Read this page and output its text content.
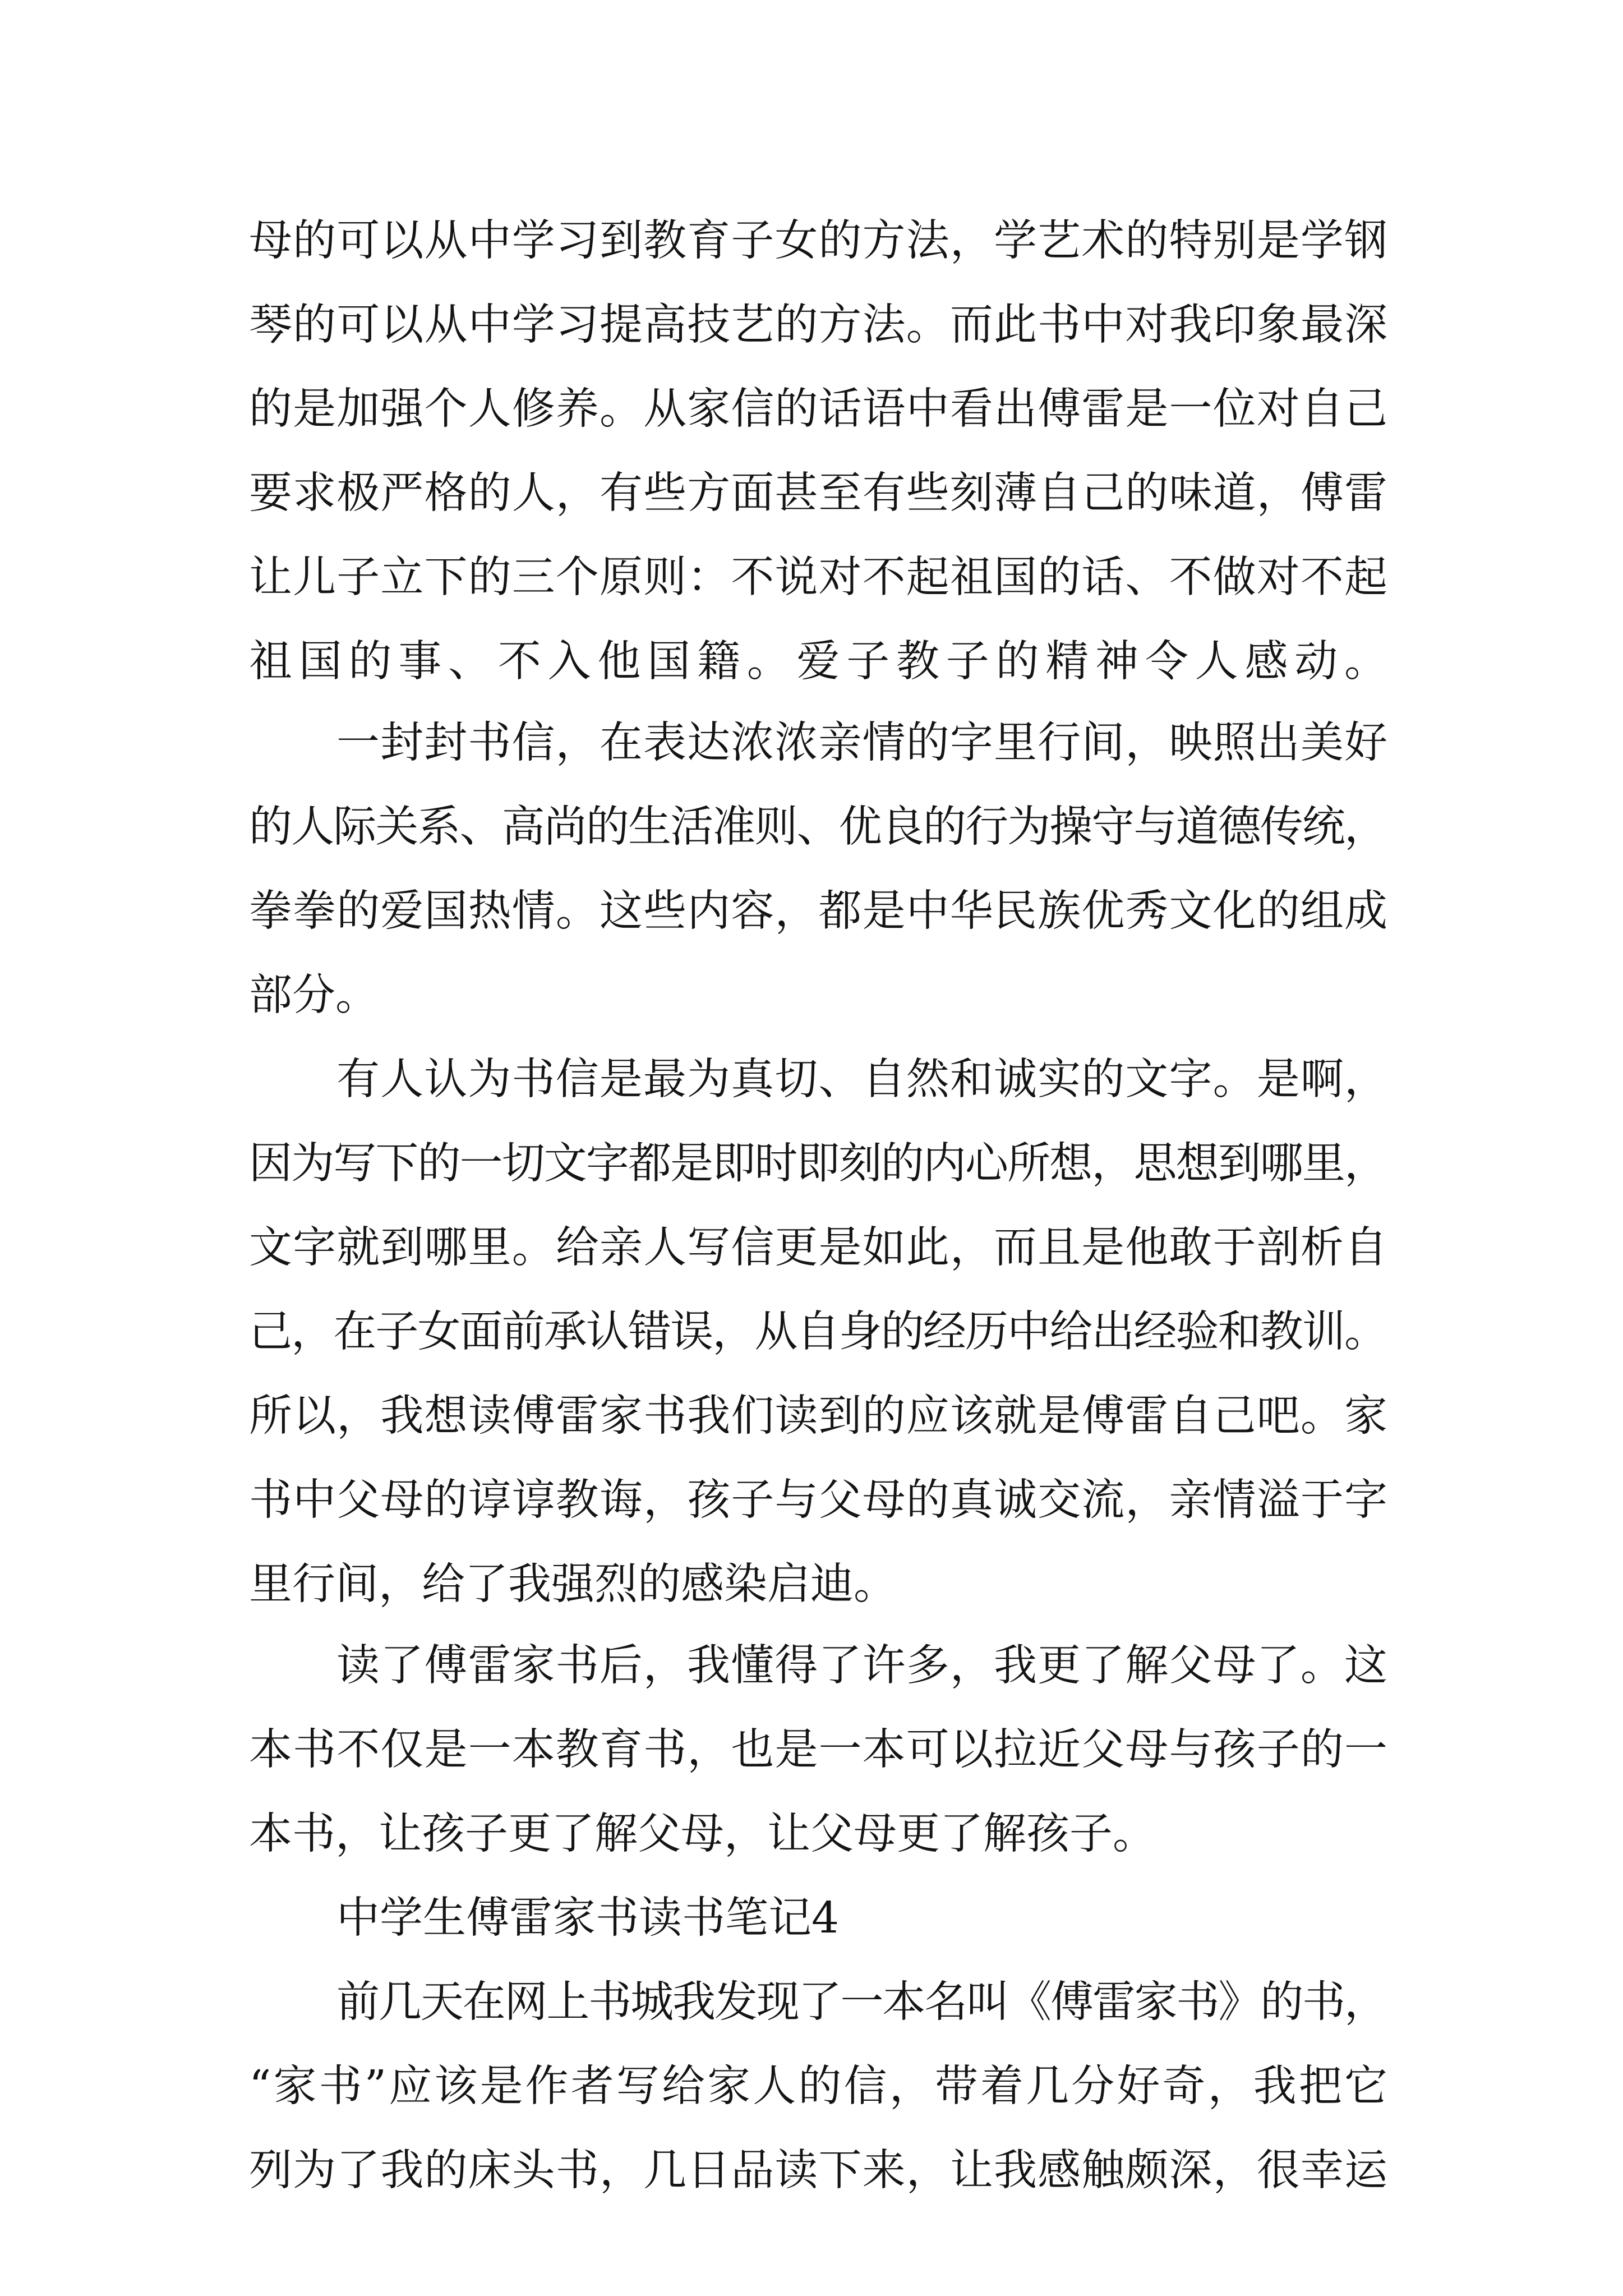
母的可以从中学习到教育子女的方法，学艺术的特别是学钢
琴的可以从中学习提高技艺的方法。而此书中对我印象最深
的是加强个人修养。从家信的话语中看出傅雷是一位对自己
要求极严格的人，有些方面甚至有些刻薄自己的味道，傅雷
让儿子立下的三个原则：不说对不起祖国的话、不做对不起
祖国的事、不入他国籍。爱子教子的精神令人感动。
一封封书信，在表达浓浓亲情的字里行间，映照出美好
的人际关系、高尚的生活准则、优良的行为操守与道德传统，
拳拳的爱国热情。这些内容，都是中华民族优秀文化的组成
部分。
有人认为书信是最为真切、自然和诚实的文字。是啊，
因为写下的一切文字都是即时即刻的内心所想，思想到哪里，
文字就到哪里。给亲人写信更是如此，而且是他敢于剖析自
己，在子女面前承认错误，从自身的经历中给出经验和教训。
所以，我想读傅雷家书我们读到的应该就是傅雷自己吧。家
书中父母的谆谆教诲，孩子与父母的真诚交流，亲情溢于字
里行间，给了我强烈的感染启迪。
读了傅雷家书后，我懂得了许多，我更了解父母了。这
本书不仅是一本教育书，也是一本可以拉近父母与孩子的一
本书，让孩子更了解父母，让父母更了解孩子。
中学生傅雷家书读书笔记4
前几天在网上书城我发现了一本名叫《傅雷家书》的书，
“家书”应该是作者写给家人的信，带着几分好奇，我把它
列为了我的床头书，几日品读下来，让我感触颇深，很幸运
